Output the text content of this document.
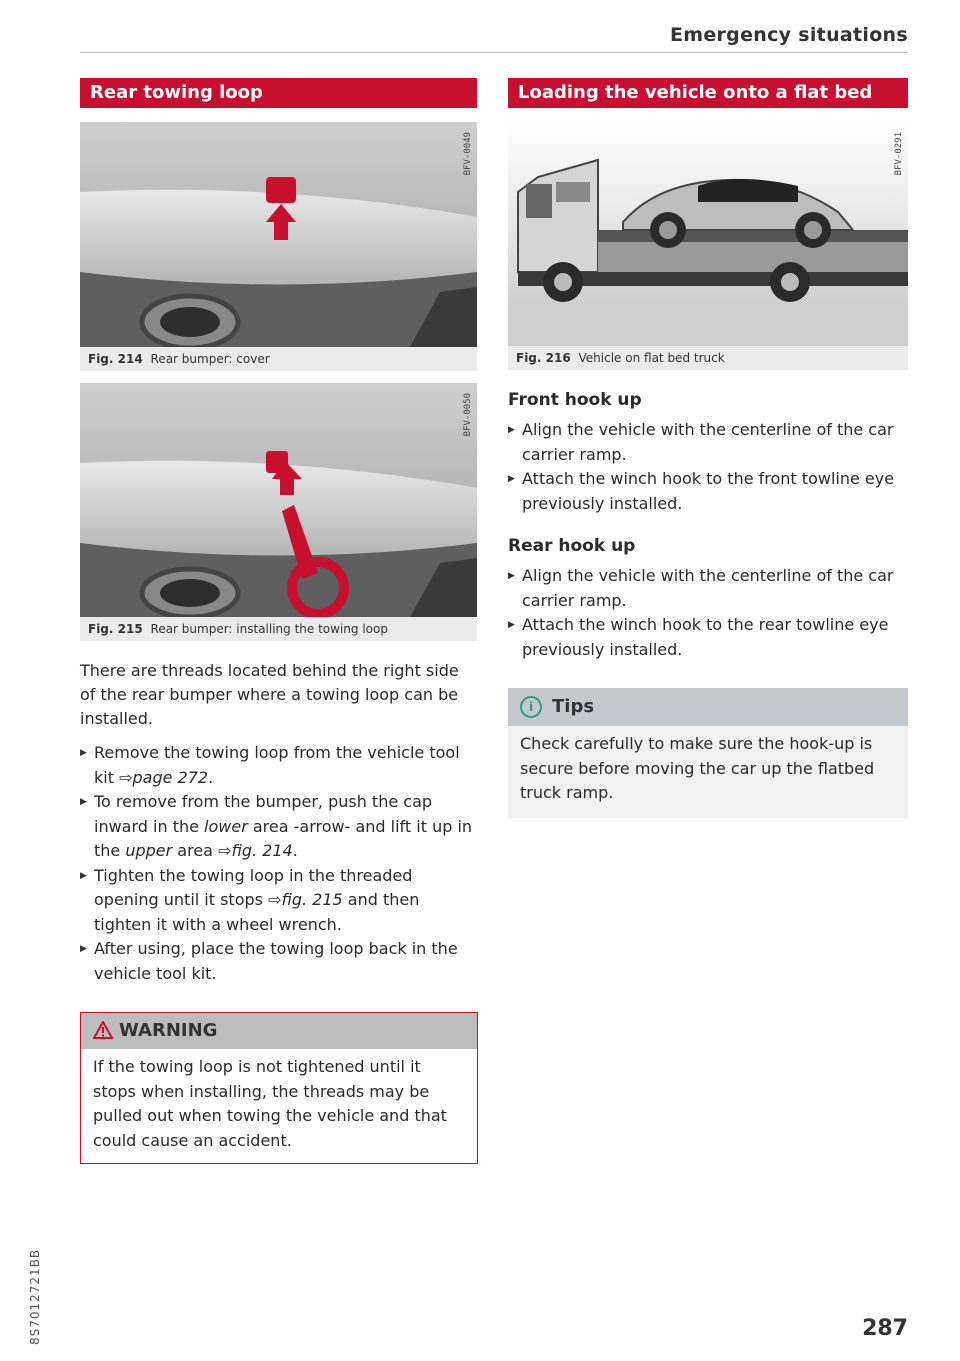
Emergency situations
Rear towing loop
BFV-0049
Fig. 214 Rear bumper: cover
BFV-0050
Fig. 215 Rear bumper: installing the towing loop

There are threads located behind the right side of the rear bumper where a towing loop can be installed.

▶ Remove the towing loop from the vehicle tool kit ⇨page 272.
▶ To remove from the bumper, push the cap inward in the lower area -arrow- and lift it up in the upper area ⇨fig. 214.
▶ Tighten the towing loop in the threaded opening until it stops ⇨fig. 215 and then tighten it with a wheel wrench.
▶ After using, place the towing loop back in the vehicle tool kit.
WARNING
If the towing loop is not tightened until it stops when installing, the threads may be pulled out when towing the vehicle and that could cause an accident.
Loading the vehicle onto a flat bed
BFV-0291
Fig. 216 Vehicle on flat bed truck
Front hook up
▶ Align the vehicle with the centerline of the car carrier ramp.
▶ Attach the winch hook to the front towline eye previously installed.
Rear hook up
▶ Align the vehicle with the centerline of the car carrier ramp.
▶ Attach the winch hook to the rear towline eye previously installed.
i Tips
Check carefully to make sure the hook-up is secure before moving the car up the flatbed truck ramp.
8S7012721BB	287
